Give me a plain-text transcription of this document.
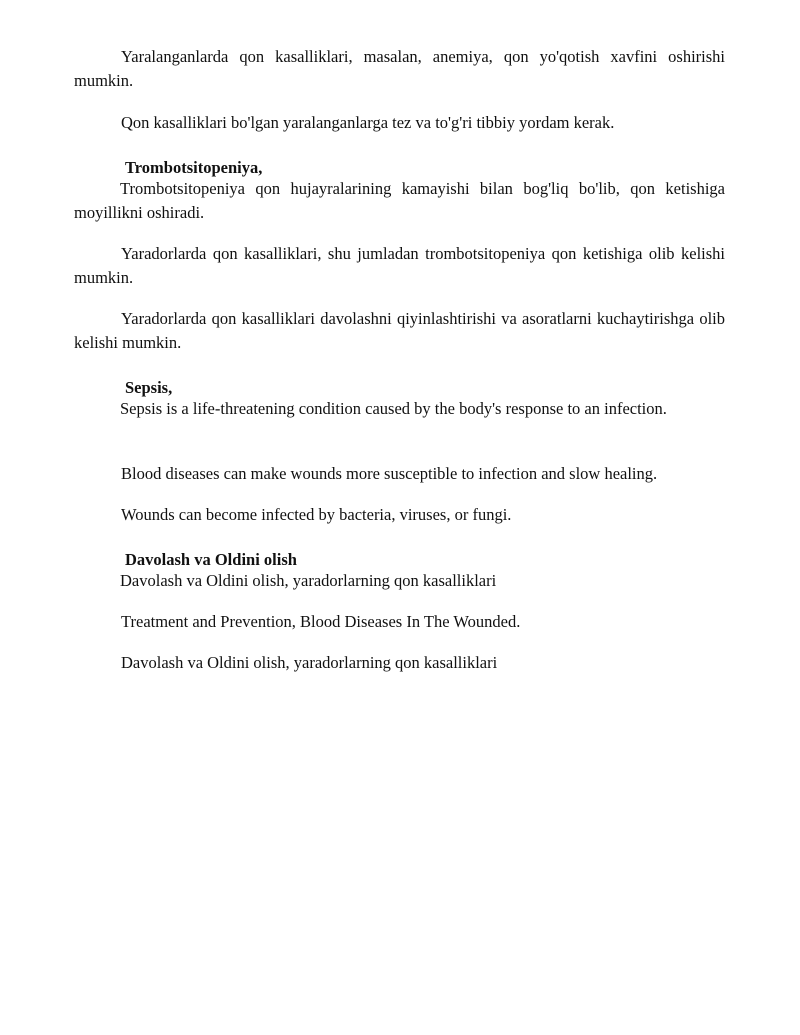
Yaralanganlarda qon kasalliklari, masalan, anemiya, qon yo'qotish xavfini oshirishi mumkin.

Qon kasalliklari bo'lgan yaralanganlarga tez va to'g'ri tibbiy yordam kerak.

Trombotsitopeniya,

Trombotsitopeniya qon hujayralarining kamayishi bilan bog'liq bo'lib, qon ketishiga moyillikni oshiradi.

Yaradorlarda qon kasalliklari, shu jumladan trombotsitopeniya qon ketishiga olib kelishi mumkin.

Yaradorlarda qon kasalliklari davolashni qiyinlashtirishi va asoratlarni kuchaytirishga olib kelishi mumkin.

Sepsis,

Sepsis is a life-threatening condition caused by the body's response to an infection.

Blood diseases can make wounds more susceptible to infection and slow healing.

Wounds can become infected by bacteria, viruses, or fungi.

Davolash va Oldini olish

Davolash va Oldini olish, yaradorlarning qon kasalliklari

Treatment and Prevention, Blood Diseases In The Wounded.

Davolash va Oldini olish, yaradorlarning qon kasalliklari
